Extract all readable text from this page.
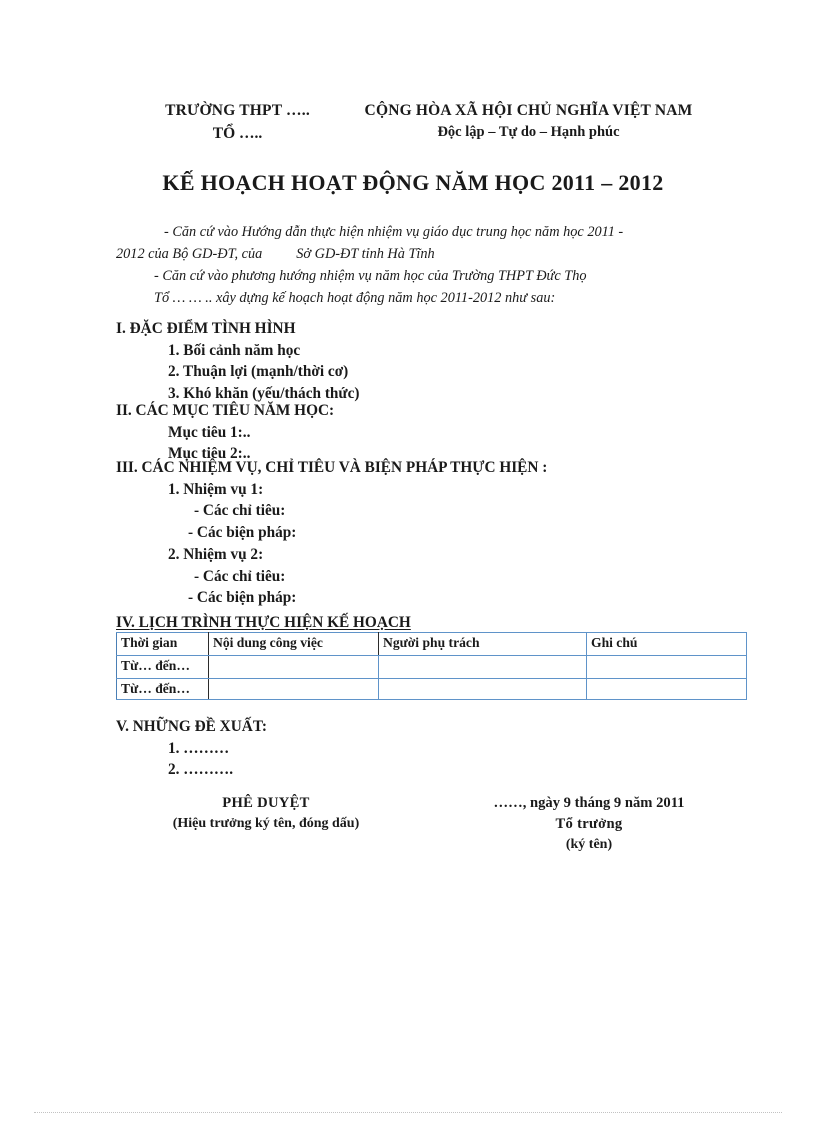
TRƯỜNG THPT …..
TỔ …..
CỘNG HÒA XÃ HỘI CHỦ NGHĨA VIỆT NAM
Độc lập – Tự do – Hạnh phúc
KẾ HOẠCH HOẠT ĐỘNG NĂM HỌC 2011 – 2012
- Căn cứ vào Hướng dẫn thực hiện nhiệm vụ giáo dục trung học năm học 2011 -
2012 của Bộ GD-ĐT, của Sở GD-ĐT tỉnh Hà Tĩnh
- Căn cứ vào phương hướng nhiệm vụ năm học của Trường THPT Đức Thọ
Tổ … … .. xây dựng kế hoạch hoạt động năm học 2011-2012 như sau:
I. ĐẶC ĐIỂM TÌNH HÌNH
1. Bối cảnh năm học
2. Thuận lợi (mạnh/thời cơ)
3. Khó khăn (yếu/thách thức)
II. CÁC MỤC TIÊU NĂM HỌC:
Mục tiêu 1:..
Mục tiêu 2:..
III. CÁC NHIỆM VỤ, CHỈ TIÊU VÀ BIỆN PHÁP THỰC HIỆN :
1. Nhiệm vụ 1:
- Các chỉ tiêu:
- Các biện pháp:
2. Nhiệm vụ 2:
- Các chỉ tiêu:
- Các biện pháp:
IV. LỊCH TRÌNH THỰC HIỆN KẾ HOẠCH
Thời gian	Nội dung công việc	Người phụ trách	Ghi chú
Từ… đến…			
Từ… đến…			
V. NHỮNG ĐỀ XUẤT:
1. ………
2. ……….
PHÊ DUYỆT
(Hiệu trưởng ký tên, đóng dấu)
……, ngày 9 tháng 9 năm 2011
Tổ trưởng
(ký tên)
